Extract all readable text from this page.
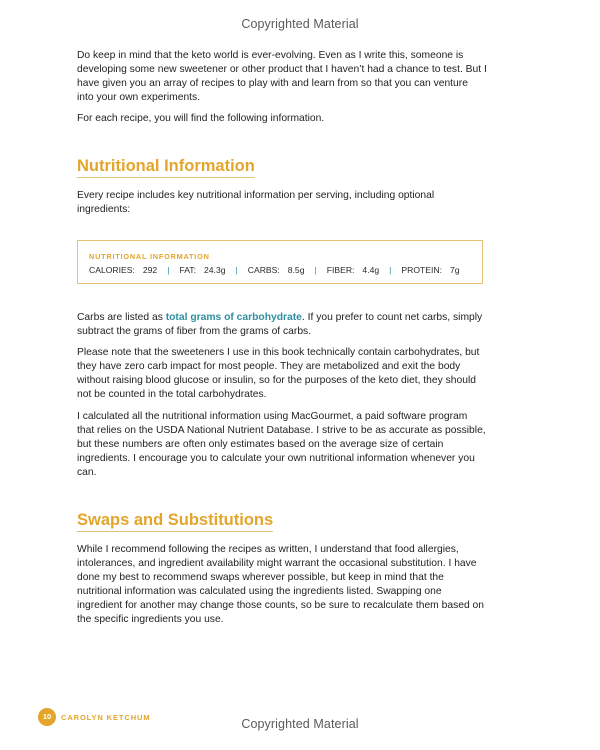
Copyrighted Material

Do keep in mind that the keto world is ever-evolving. Even as I write this, someone is developing some new sweetener or other product that I haven’t had a chance to test. But I have given you an array of recipes to play with and learn from so that you can venture into your own experiments.

For each recipe, you will find the following information.

Nutritional Information

Every recipe includes key nutritional information per serving, including optional ingredients:

NUTRITIONAL INFORMATION
CALORIES: 292 | FAT: 24.3g | CARBS: 8.5g | FIBER: 4.4g | PROTEIN: 7g

Carbs are listed as total grams of carbohydrate. If you prefer to count net carbs, simply subtract the grams of fiber from the grams of carbs.

Please note that the sweeteners I use in this book technically contain carbohydrates, but they have zero carb impact for most people. They are metabolized and exit the body without raising blood glucose or insulin, so for the purposes of the keto diet, they should not be counted in the total carbohydrates.

I calculated all the nutritional information using MacGourmet, a paid software program that relies on the USDA National Nutrient Database. I strive to be as accurate as possible, but these numbers are often only estimates based on the average size of certain ingredients. I encourage you to calculate your own nutritional information whenever you can.

Swaps and Substitutions

While I recommend following the recipes as written, I understand that food allergies, intolerances, and ingredient availability might warrant the occasional substitution. I have done my best to recommend swaps wherever possible, but keep in mind that the nutritional information was calculated using the ingredients listed. Swapping one ingredient for another may change those counts, so be sure to recalculate them based on the specific ingredients you use.

10	CAROLYN KETCHUM	Copyrighted Material
